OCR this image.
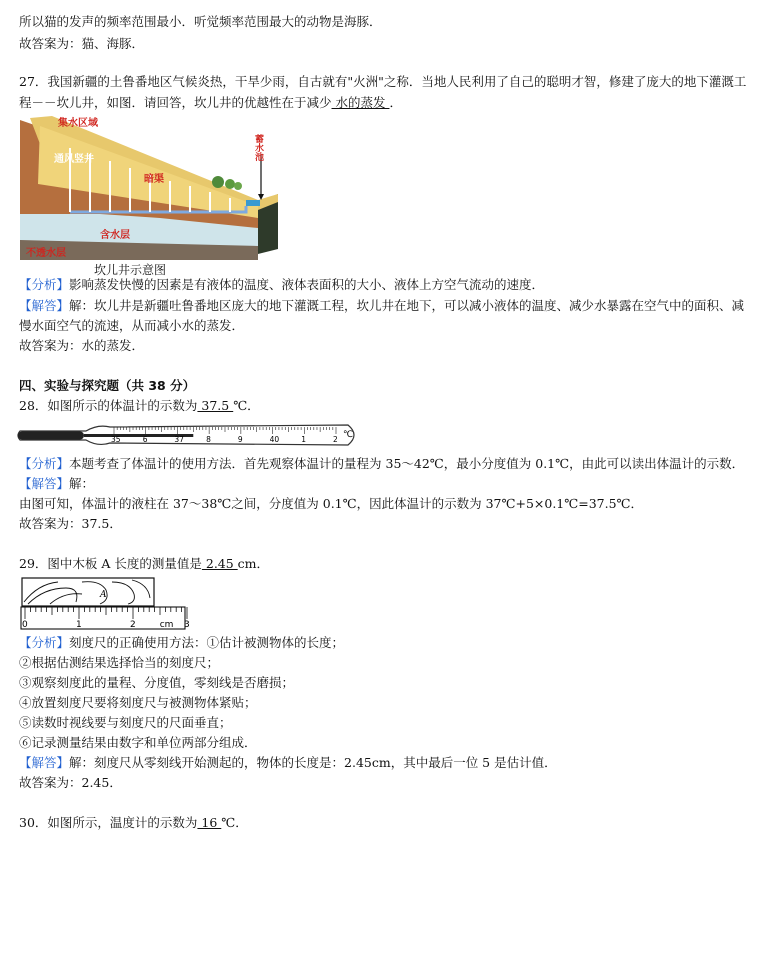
所以猫的发声的频率范围最小．听觉频率范围最大的动物是海豚．
故答案为：猫、海豚．
27．我国新疆的土鲁番地区气候炎热，干旱少雨，自古就有"火洲"之称．当地人民利用了自己的聪明才智，修建了庞大的地下灌溉工
程－－坎儿井，如图．请回答，坎儿井的优越性在于减少 水的蒸发 ．
集水区域
通风竖井
暗渠
含水层
不透水层
蓄水池
坎儿井示意图
【分析】影响蒸发快慢的因素是有液体的温度、液体表面积的大小、液体上方空气流动的速度．
【解答】解：坎儿井是新疆吐鲁番地区庞大的地下灌溉工程，坎儿井在地下，可以减小液体的温度、减少水暴露在空气中的面积、减
慢水面空气的流速，从而减小水的蒸发．
故答案为：水的蒸发．
四、实验与探究题（共 38 分）
28．如图所示的体温计的示数为 37.5 ℃．
35	6	37	8	9	40	1	2 ℃
【分析】本题考查了体温计的使用方法．首先观察体温计的量程为 35～42℃，最小分度值为 0.1℃，由此可以读出体温计的示数．
【解答】解：
由图可知，体温计的液柱在 37～38℃之间，分度值为 0.1℃，因此体温计的示数为 37℃+5×0.1℃=37.5℃．
故答案为：37.5．
29．图中木板 A 长度的测量值是 2.45 cm．
A
0	1	2	cm 3
【分析】刻度尺的正确使用方法：①估计被测物体的长度；
②根据估测结果选择恰当的刻度尺；
③观察刻度此的量程、分度值，零刻线是否磨损；
④放置刻度尺要将刻度尺与被测物体紧贴；
⑤读数时视线要与刻度尺的尺面垂直；
⑥记录测量结果由数字和单位两部分组成．
【解答】解：刻度尺从零刻线开始测起的，物体的长度是：2.45cm，其中最后一位 5 是估计值．
故答案为：2.45．
30．如图所示，温度计的示数为 16 ℃．
